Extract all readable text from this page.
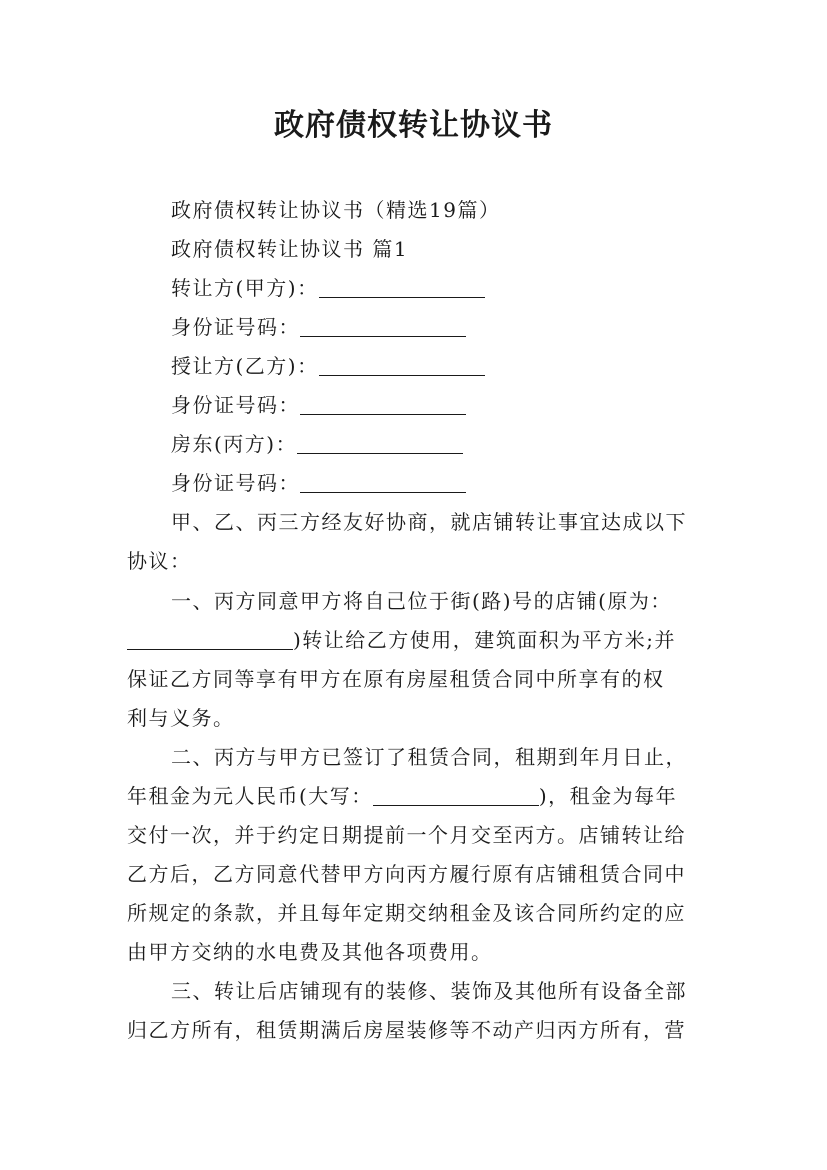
政府债权转让协议书
政府债权转让协议书（精选19篇）
政府债权转让协议书 篇1
转让方(甲方)：
身份证号码：
授让方(乙方)：
身份证号码：
房东(丙方)：
身份证号码：
甲、乙、丙三方经友好协商，就店铺转让事宜达成以下
协议：
一、丙方同意甲方将自己位于街(路)号的店铺(原为：
)转让给乙方使用，建筑面积为平方米;并
保证乙方同等享有甲方在原有房屋租赁合同中所享有的权
利与义务。
二、丙方与甲方已签订了租赁合同，租期到年月日止，
年租金为元人民币(大写：	)，租金为每年
交付一次，并于约定日期提前一个月交至丙方。店铺转让给
乙方后，乙方同意代替甲方向丙方履行原有店铺租赁合同中
所规定的条款，并且每年定期交纳租金及该合同所约定的应
由甲方交纳的水电费及其他各项费用。
三、转让后店铺现有的装修、装饰及其他所有设备全部
归乙方所有，租赁期满后房屋装修等不动产归丙方所有，营
